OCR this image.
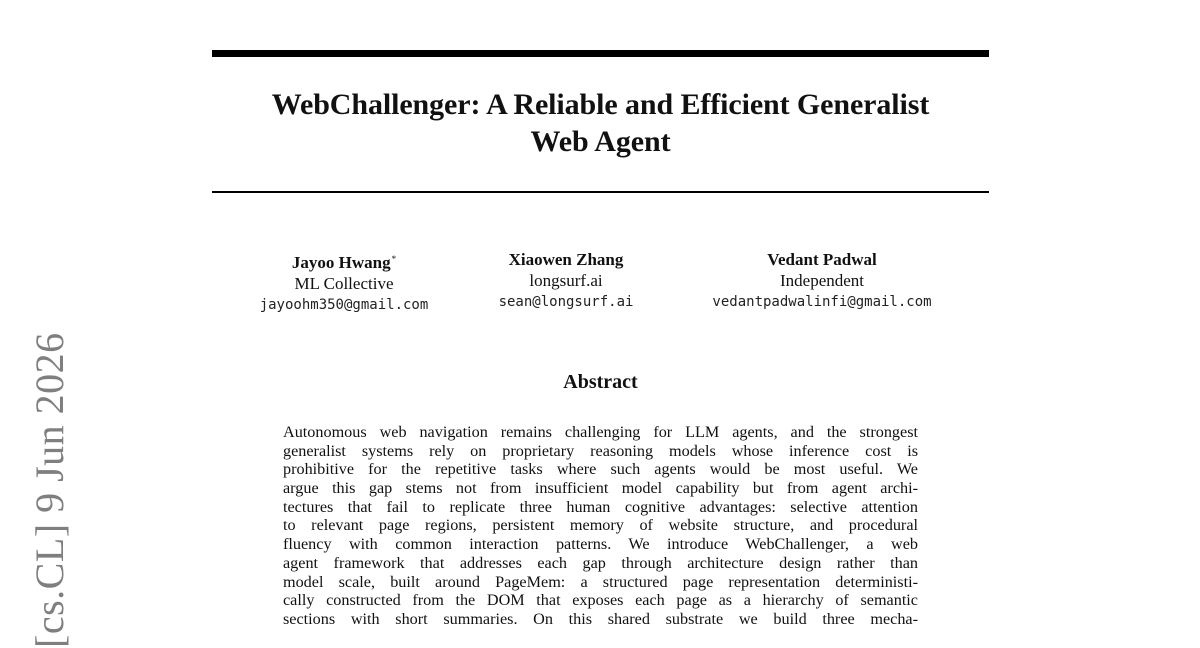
WebChallenger: A Reliable and Efficient Generalist
Web Agent
Jayoo Hwang*
ML Collective
jayoohm350@gmail.com
Xiaowen Zhang
longsurf.ai
sean@longsurf.ai
Vedant Padwal
Independent
vedantpadwalinfi@gmail.com
Abstract
Autonomous web navigation remains challenging for LLM agents, and the strongest
generalist systems rely on proprietary reasoning models whose inference cost is
prohibitive for the repetitive tasks where such agents would be most useful. We
argue this gap stems not from insufficient model capability but from agent archi-
tectures that fail to replicate three human cognitive advantages: selective attention
to relevant page regions, persistent memory of website structure, and procedural
fluency with common interaction patterns. We introduce WebChallenger, a web
agent framework that addresses each gap through architecture design rather than
model scale, built around PageMem: a structured page representation deterministi-
cally constructed from the DOM that exposes each page as a hierarchy of semantic
sections with short summaries. On this shared substrate we build three mecha-
[cs.CL] 9 Jun 2026
